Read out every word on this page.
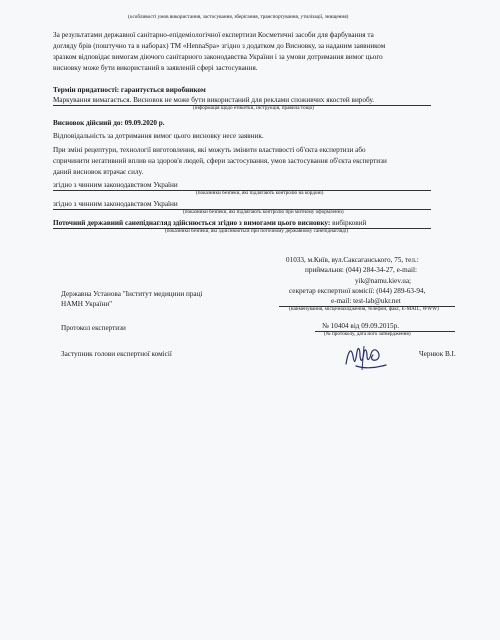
(особливості умов використання, застосування, зберігання, транспортування, утилізації, знищення)
За результатами державної санітарно-епідеміологічної експертизи Косметичні засоби для фарбування та
догляду брів (поштучно та в наборах) ТМ «HennaSpa» згідно з додатком до Висновку, за наданим заявником
зразком відповідає вимогам діючого санітарного законодавства України і за умови дотримання вимог цього
висновку може бути використаний в заявленій сфері застосування.
Термін придатності: гарантується виробником
Маркування вимагається. Висновок не може бути використаний для реклами споживчих якостей виробу.
(інформація щодо етикетки, інструкція, правила тощо)
Висновок дійсний до: 09.09.2020 р.
Відповідальність за дотримання вимог цього висновку несе заявник.
При зміні рецептури, технології виготовлення, які можуть змінити властивості об'єкта експертизи або
спричинити негативний вплив на здоров'я людей, сфери застосування, умов застосування об'єкта експертизи
даний висновок втрачає силу.
згідно з чинним законодавством України
(показники безпеки, які підлягають контролю на кордоні)
згідно з чинним законодавством України
(показники безпеки, які підлягають контролю при митному оформленні)
Поточний державний санепіднагляд здійснюється згідно з вимогами цього висновку: вибірковий
(показники безпеки, які здійснюються при поточному державному санепіднагляді)
01033, м.Київ, вул.Саксаганського, 75, тел.:
приймальня: (044) 284-34-27, e-mail:
yik@namu.kiev.ua;
секретар експертної комісії: (044) 289-63-94,
e-mail: test-lab@ukr.net
(найменування, місцезнаходження, телефон, факс, E-MAIL, WWW)
Державна Установа "Інститут медицини праці
НАМН України"
Протокол експертизи	№ 10404 від 09.09.2015р.
(№ протоколу, дата його затвердження)
Заступник голови експертної комісії	Чернюк В.І.
